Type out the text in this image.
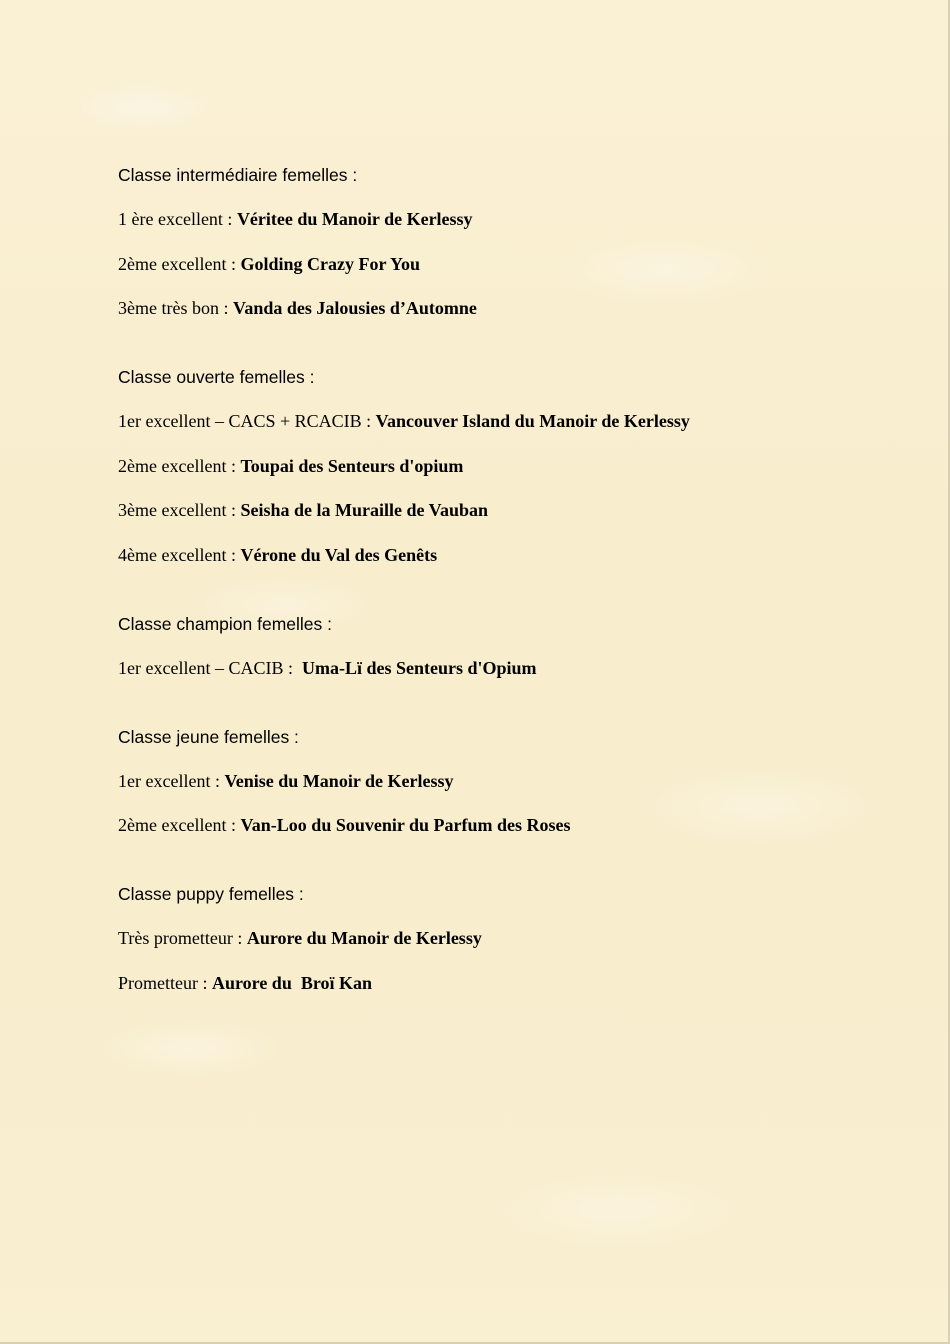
Classe intermédiaire femelles :
1 ère excellent : Véritee du Manoir de Kerlessy
2ème excellent : Golding Crazy For You
3ème très bon : Vanda des Jalousies d’Automne
Classe ouverte femelles :
1er excellent – CACS + RCACIB : Vancouver Island du Manoir de Kerlessy
2ème excellent : Toupai des Senteurs d'opium
3ème excellent : Seisha de la Muraille de Vauban
4ème excellent : Vérone du Val des Genêts
Classe champion femelles :
1er excellent – CACIB :  Uma-Lï des Senteurs d'Opium
Classe jeune femelles :
1er excellent : Venise du Manoir de Kerlessy
2ème excellent : Van-Loo du Souvenir du Parfum des Roses
Classe puppy femelles :
Très prometteur : Aurore du Manoir de Kerlessy
Prometteur : Aurore du  Broï Kan
